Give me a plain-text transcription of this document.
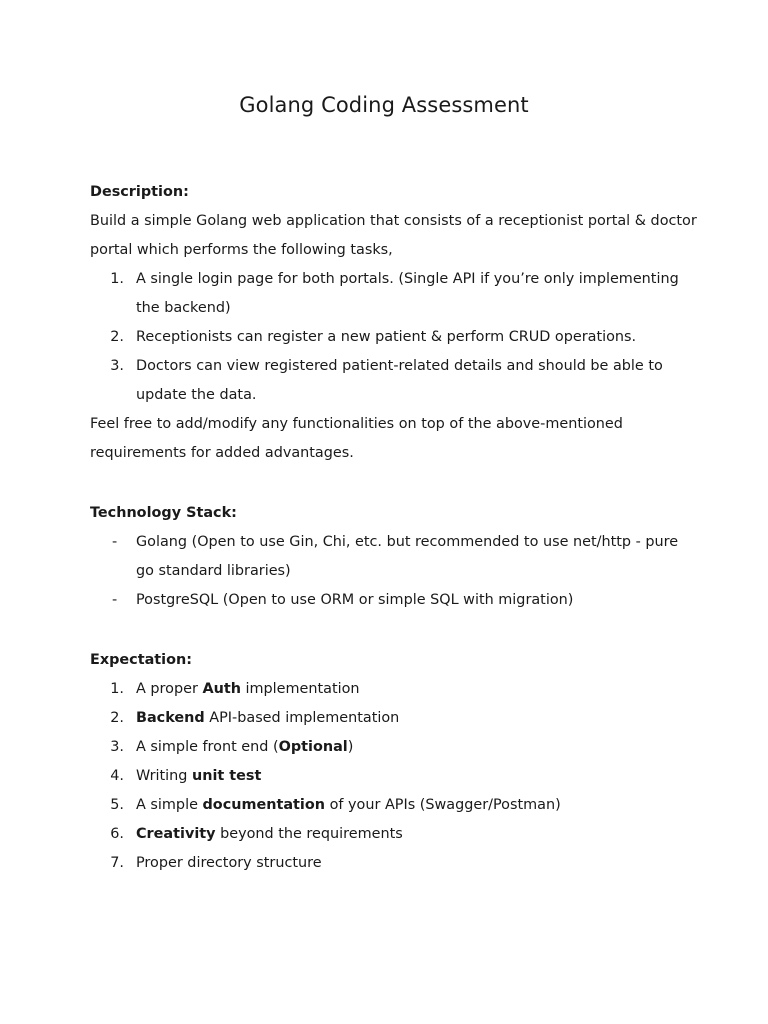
Golang Coding Assessment

Description:

Build a simple Golang web application that consists of a receptionist portal & doctor portal which performs the following tasks,

1. A single login page for both portals. (Single API if you’re only implementing the backend)
2. Receptionists can register a new patient & perform CRUD operations.
3. Doctors can view registered patient-related details and should be able to update the data.

Feel free to add/modify any functionalities on top of the above-mentioned requirements for added advantages.

Technology Stack:

-	Golang (Open to use Gin, Chi, etc. but recommended to use net/http - pure go standard libraries)
-	PostgreSQL (Open to use ORM or simple SQL with migration)

Expectation:

1. A proper Auth implementation
2. Backend API-based implementation
3. A simple front end (Optional)
4. Writing unit test
5. A simple documentation of your APIs (Swagger/Postman)
6. Creativity beyond the requirements
7. Proper directory structure
